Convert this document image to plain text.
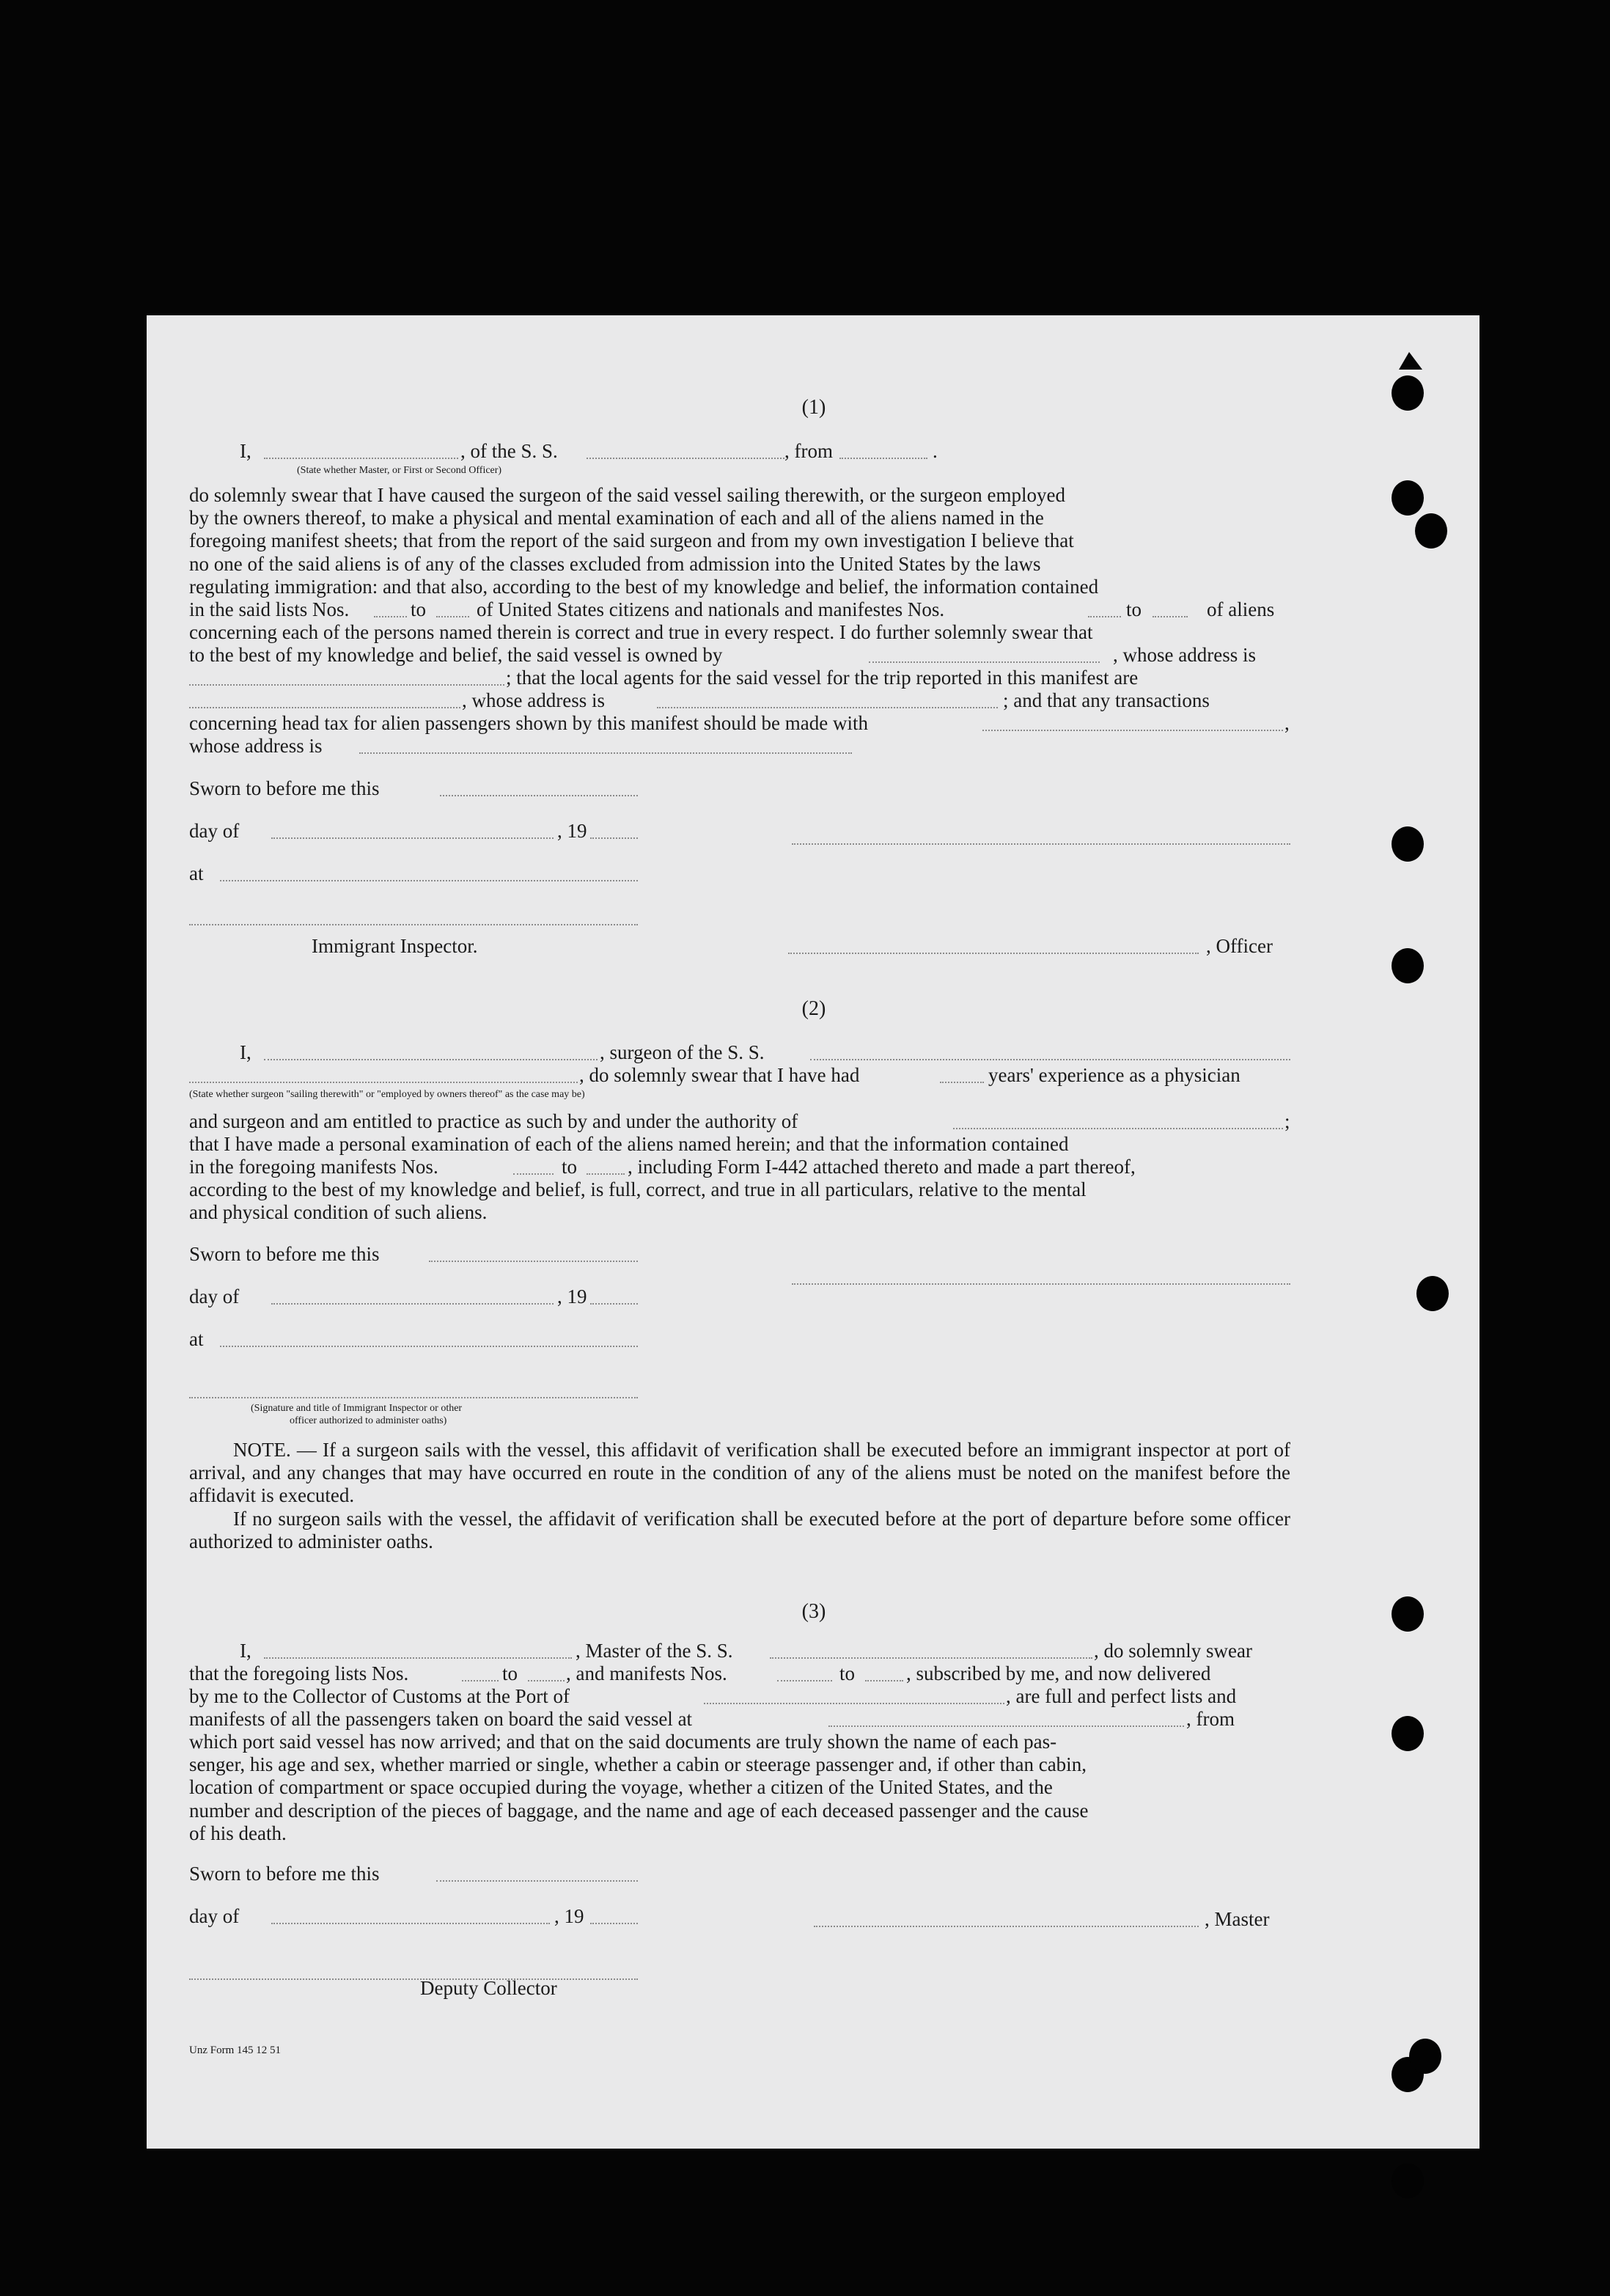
(1)
I,	, of the S. S.	, from	.
(State whether Master, or First or Second Officer)

do solemnly swear that I have caused the surgeon of the said vessel sailing therewith, or the surgeon employed

by the owners thereof, to make a physical and mental examination of each and all of the aliens named in the

foregoing manifest sheets; that from the report of the said surgeon and from my own investigation I believe that

no one of the said aliens is of any of the classes excluded from admission into the United States by the laws

regulating immigration: and that also, according to the best of my knowledge and belief, the information contained

in the said lists Nos.	to	of United States citizens and nationals and manifestes Nos.	to	of aliens
concerning each of the persons named therein is correct and true in every respect. I do further solemnly swear that
to the best of my knowledge and belief, the said vessel is owned by	, whose address is
; that the local agents for the said vessel for the trip reported in this manifest are
, whose address is	; and that any transactions
concerning head tax for alien passengers shown by this manifest should be made with	,
whose address is
Sworn to before me this
day of	, 19
at
Immigrant Inspector.	, Officer
(2)
I,	, surgeon of the S. S.
, do solemnly swear that I have had	years' experience as a physician
(State whether surgeon "sailing therewith" or "employed by owners thereof" as the case may be)
and surgeon and am entitled to practice as such by and under the authority of	;
that I have made a personal examination of each of the aliens named herein; and that the information contained
in the foregoing manifests Nos.	to	, including Form I-442 attached thereto and made a part thereof,

according to the best of my knowledge and belief, is full, correct, and true in all particulars, relative to the mental

and physical condition of such aliens.

Sworn to before me this
day of	, 19
at
(Signature and title of Immigrant Inspector or other
officer authorized to administer oaths)
NOTE. — If a surgeon sails with the vessel, this affidavit of verification shall be executed before an immigrant inspector at port of arrival, and any changes that may have occurred en route in the condition of any of the aliens must be noted on the manifest before the affidavit is executed.
If no surgeon sails with the vessel, the affidavit of verification shall be executed before at the port of departure before some officer authorized to administer oaths.
(3)
I,	, Master of the S. S.	, do solemnly swear
that the foregoing lists Nos.	to , and manifests Nos.	to	, subscribed by me, and now delivered
by me to the Collector of Customs at the Port of	, are full and perfect lists and
manifests of all the passengers taken on board the said vessel at	, from

which port said vessel has now arrived; and that on the said documents are truly shown the name of each pas-

senger, his age and sex, whether married or single, whether a cabin or steerage passenger and, if other than cabin,

location of compartment or space occupied during the voyage, whether a citizen of the United States, and the

number and description of the pieces of baggage, and the name and age of each deceased passenger and the cause

of his death.

Sworn to before me this
day of	, 19	, Master
Deputy Collector
Unz Form 145 12 51
